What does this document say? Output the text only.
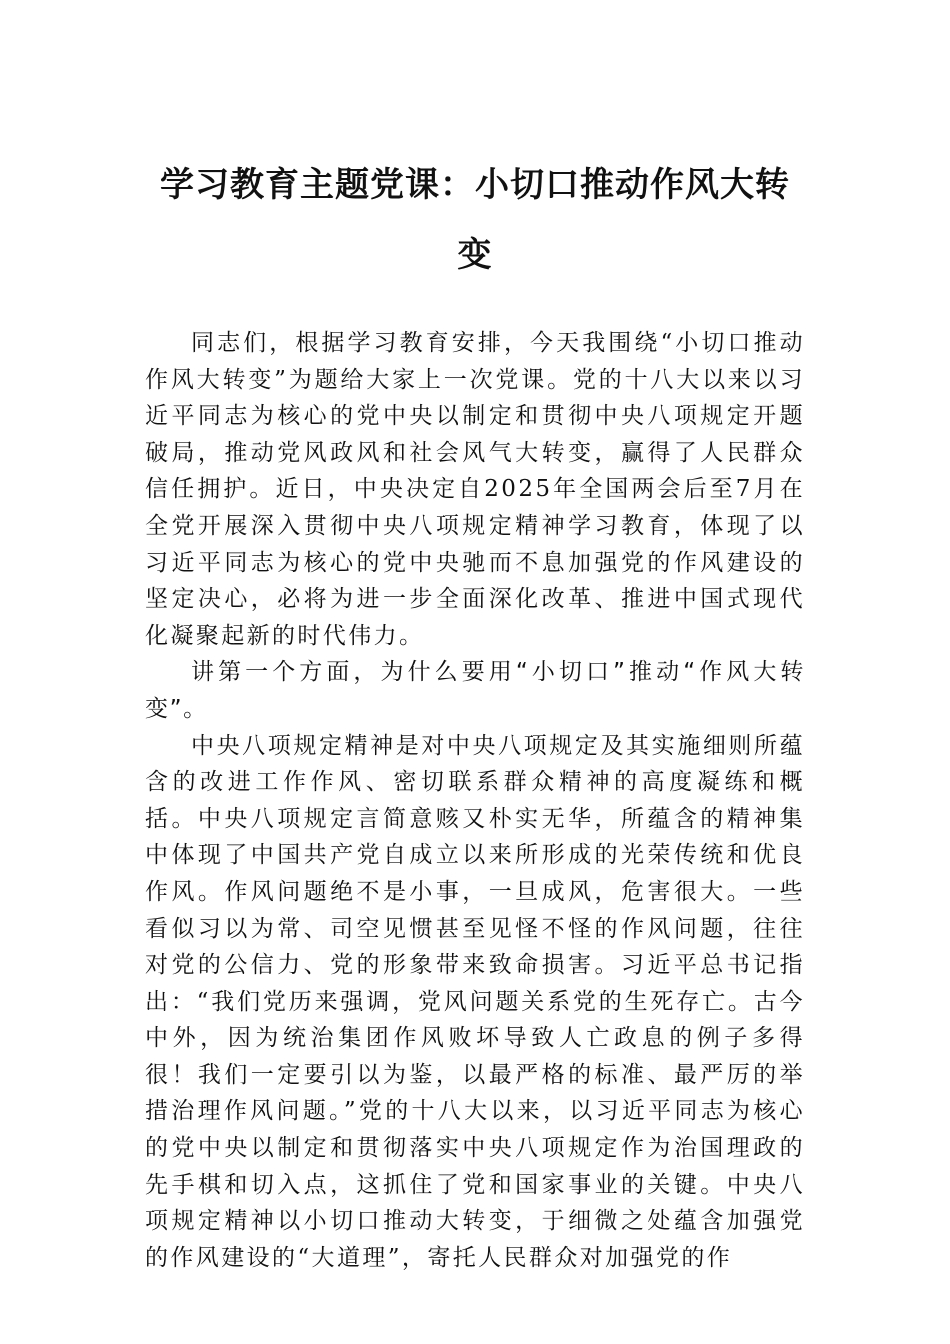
学习教育主题党课：小切口推动作风大转变

同志们，根据学习教育安排，今天我围绕“小切口推动作风大转变”为题给大家上一次党课。党的十八大以来以习近平同志为核心的党中央以制定和贯彻中央八项规定开题破局，推动党风政风和社会风气大转变，赢得了人民群众信任拥护。近日，中央决定自2025年全国两会后至7月在全党开展深入贯彻中央八项规定精神学习教育，体现了以习近平同志为核心的党中央驰而不息加强党的作风建设的坚定决心，必将为进一步全面深化改革、推进中国式现代化凝聚起新的时代伟力。

讲第一个方面，为什么要用“小切口”推动“作风大转变”。

中央八项规定精神是对中央八项规定及其实施细则所蕴含的改进工作作风、密切联系群众精神的高度凝练和概括。中央八项规定言简意赅又朴实无华，所蕴含的精神集中体现了中国共产党自成立以来所形成的光荣传统和优良作风。作风问题绝不是小事，一旦成风，危害很大。一些看似习以为常、司空见惯甚至见怪不怪的作风问题，往往对党的公信力、党的形象带来致命损害。习近平总书记指出：“我们党历来强调，党风问题关系党的生死存亡。古今中外，因为统治集团作风败坏导致人亡政息的例子多得很！我们一定要引以为鉴，以最严格的标准、最严厉的举措治理作风问题。”党的十八大以来，以习近平同志为核心的党中央以制定和贯彻落实中央八项规定作为治国理政的先手棋和切入点，这抓住了党和国家事业的关键。中央八项规定精神以小切口推动大转变，于细微之处蕴含加强党的作风建设的“大道理”，寄托人民群众对加强党的作
